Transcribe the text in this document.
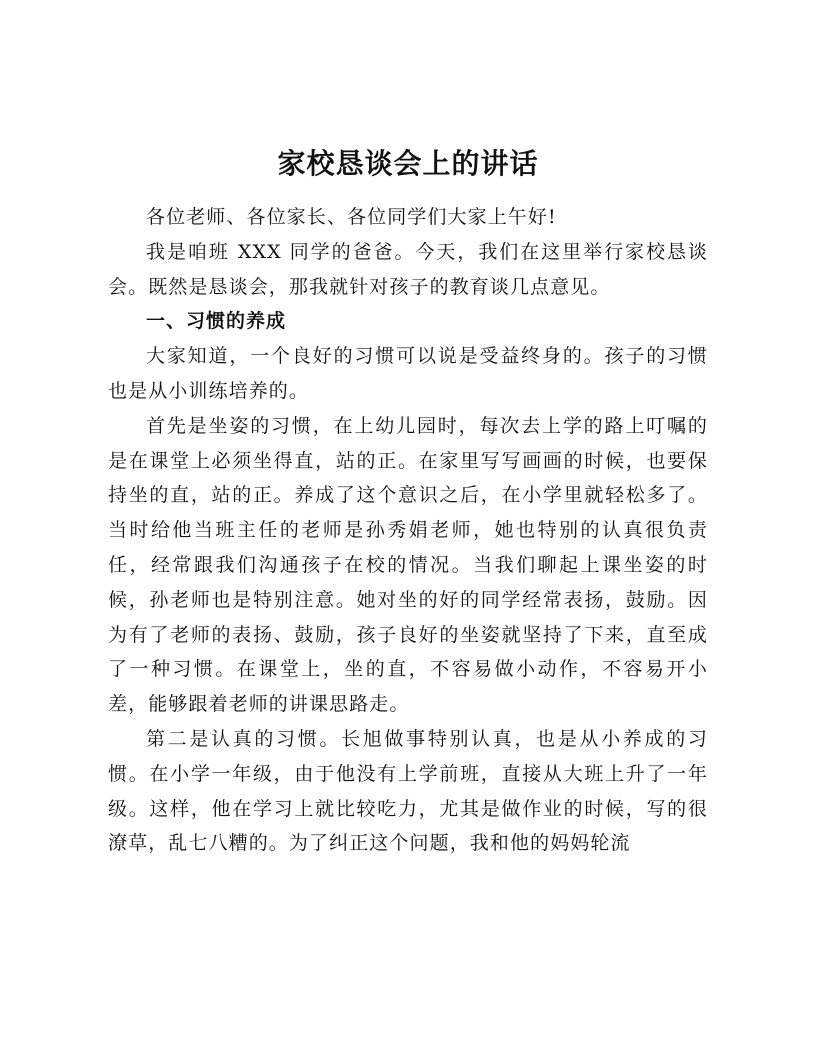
家校恳谈会上的讲话

各位老师、各位家长、各位同学们大家上午好!

我是咱班 XXX 同学的爸爸。今天，我们在这里举行家校恳谈会。既然是恳谈会，那我就针对孩子的教育谈几点意见。

一、习惯的养成

大家知道，一个良好的习惯可以说是受益终身的。孩子的习惯也是从小训练培养的。

首先是坐姿的习惯，在上幼儿园时，每次去上学的路上叮嘱的是在课堂上必须坐得直，站的正。在家里写写画画的时候，也要保持坐的直，站的正。养成了这个意识之后，在小学里就轻松多了。当时给他当班主任的老师是孙秀娟老师，她也特别的认真很负责任，经常跟我们沟通孩子在校的情况。当我们聊起上课坐姿的时候，孙老师也是特别注意。她对坐的好的同学经常表扬，鼓励。因为有了老师的表扬、鼓励，孩子良好的坐姿就坚持了下来，直至成了一种习惯。在课堂上，坐的直，不容易做小动作，不容易开小差，能够跟着老师的讲课思路走。

第二是认真的习惯。长旭做事特别认真，也是从小养成的习惯。在小学一年级，由于他没有上学前班，直接从大班上升了一年级。这样，他在学习上就比较吃力，尤其是做作业的时候，写的很潦草，乱七八糟的。为了纠正这个问题，我和他的妈妈轮流
